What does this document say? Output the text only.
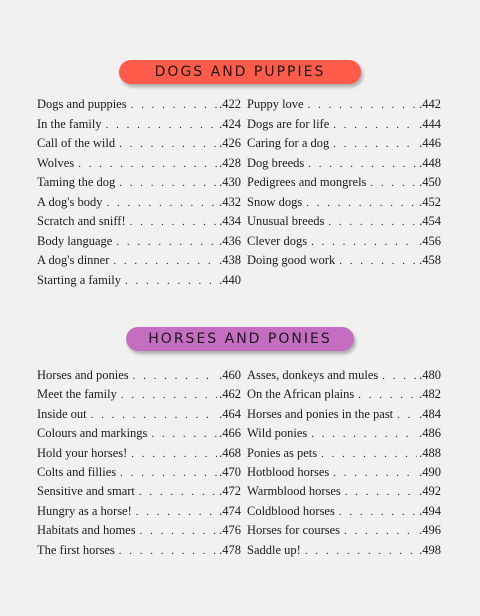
DOGS AND PUPPIES
Dogs and puppies . . .	.422
In the family . . .	.424
Call of the wild . . .	.426
Wolves . . .	.428
Taming the dog . . .	.430
A dog's body . . .	.432
Scratch and sniff! . . .	.434
Body language . . .	.436
A dog's dinner . . .	.438
Starting a family . . .	.440
Puppy love . . .	.442
Dogs are for life . . .	.444
Caring for a dog . . .	.446
Dog breeds . . .	.448
Pedigrees and mongrels . . .	.450
Snow dogs . . .	.452
Unusual breeds . . .	.454
Clever dogs . . .	.456
Doing good work . . .	.458
HORSES AND PONIES
Horses and ponies . . .	.460
Meet the family . . .	.462
Inside out . . .	.464
Colours and markings . . .	.466
Hold your horses! . . .	.468
Colts and fillies . . .	.470
Sensitive and smart . . .	.472
Hungry as a horse! . . .	.474
Habitats and homes . . .	.476
The first horses . . .	.478
Asses, donkeys and mules . . .	.480
On the African plains . . .	.482
Horses and ponies in the past . . . .484
Wild ponies . . .	.486
Ponies as pets . . .	.488
Hotblood horses . . .	.490
Warmblood horses . . .	.492
Coldblood horses . . .	.494
Horses for courses . . .	.496
Saddle up! . . .	.498
